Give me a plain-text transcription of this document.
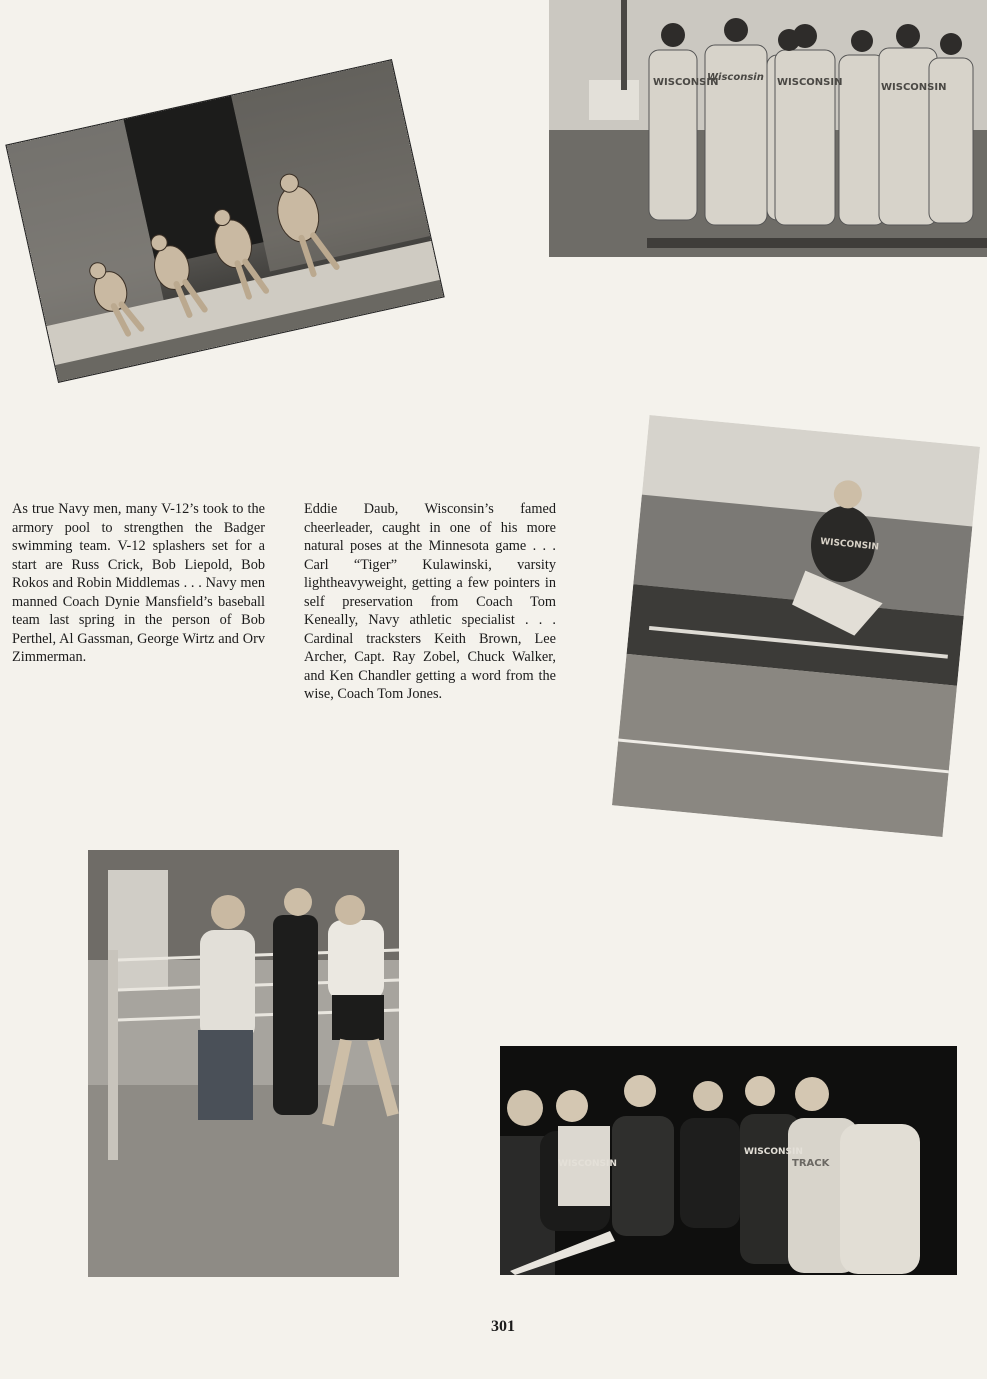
WISCONSIN
Wisconsin WISCONSIN	WISCONSIN
WISCONSIN
WISCONSIN
WISCONSIN
TRACK

As true Navy men, many V-12’s took to the armory pool to strengthen the Badger swimming team. V-12 splashers set for a start are Russ Crick, Bob Liepold, Bob Rokos and Robin Middlemas . . . Navy men manned Coach Dynie Mansfield’s baseball team last spring in the person of Bob Perthel, Al Gassman, George Wirtz and Orv Zimmerman.

Eddie Daub, Wisconsin’s famed cheerleader, caught in one of his more natural poses at the Minnesota game . . . Carl “Tiger” Kulawinski, varsity lightheavyweight, getting a few pointers in self preservation from Coach Tom Keneally, Navy athletic specialist . . . Cardinal tracksters Keith Brown, Lee Archer, Capt. Ray Zobel, Chuck Walker, and Ken Chandler getting a word from the wise, Coach Tom Jones.

301
